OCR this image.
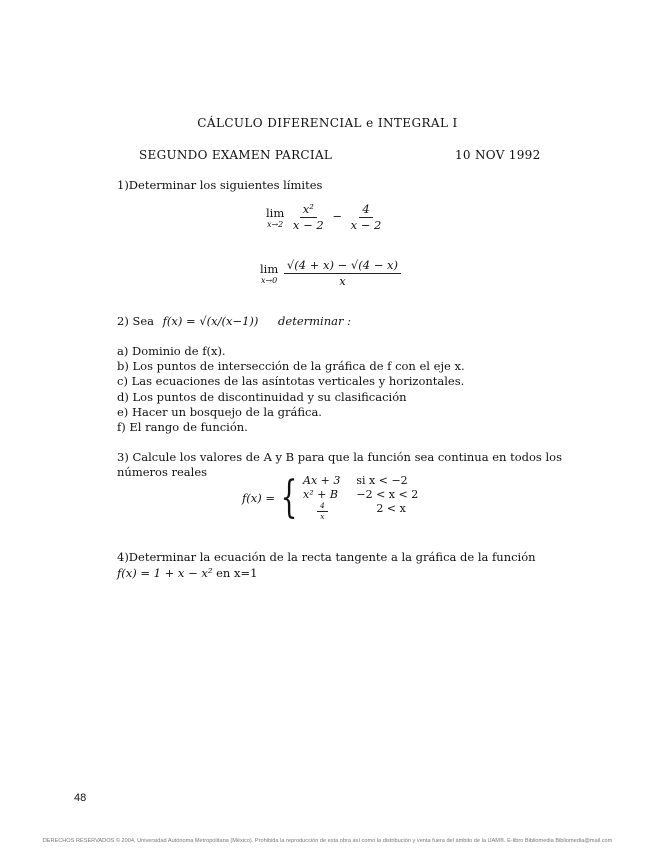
CÁLCULO DIFERENCIAL e INTEGRAL I
SEGUNDO EXAMEN PARCIAL	10 NOV 1992
1)Determinar los siguientes límites
lim
x→2
$\frac{\text{x²}}{x - 2} - \frac{4}{x - 2}$
lim
x→0
$\frac{√(4 + x) - √(4 - x)}{x}$
2) Sea f(x) = √(x/(x−1)) determinar :
a) Dominio de f(x).
b) Los puntos de intersección de la gráfica de f con el eje x.
c) Las ecuaciones de las asíntotas verticales y horizontales.
d) Los puntos de discontinuidad y su clasificación
e) Hacer un bosquejo de la gráfica.
f) El rango de función.
3) Calcule los valores de A y B para que la función sea continua en todos los
números reales
f(x) = { Ax + 3 si x < −2
x² + B −2 < x < 2
$\frac{4}{x}$	2 < x
4)Determinar la ecuación de la recta tangente a la gráfica de la función
f(x) = 1 + x − x² en x=1
48
DERECHOS RESERVADOS © 2004, Universidad Autónoma Metropolitana (México). Prohibida la reproducción de esta obra así como la distribución y venta fuera del ámbito de la UAM®. E-libro Bibliomedia Bibliomedia@mail.com
